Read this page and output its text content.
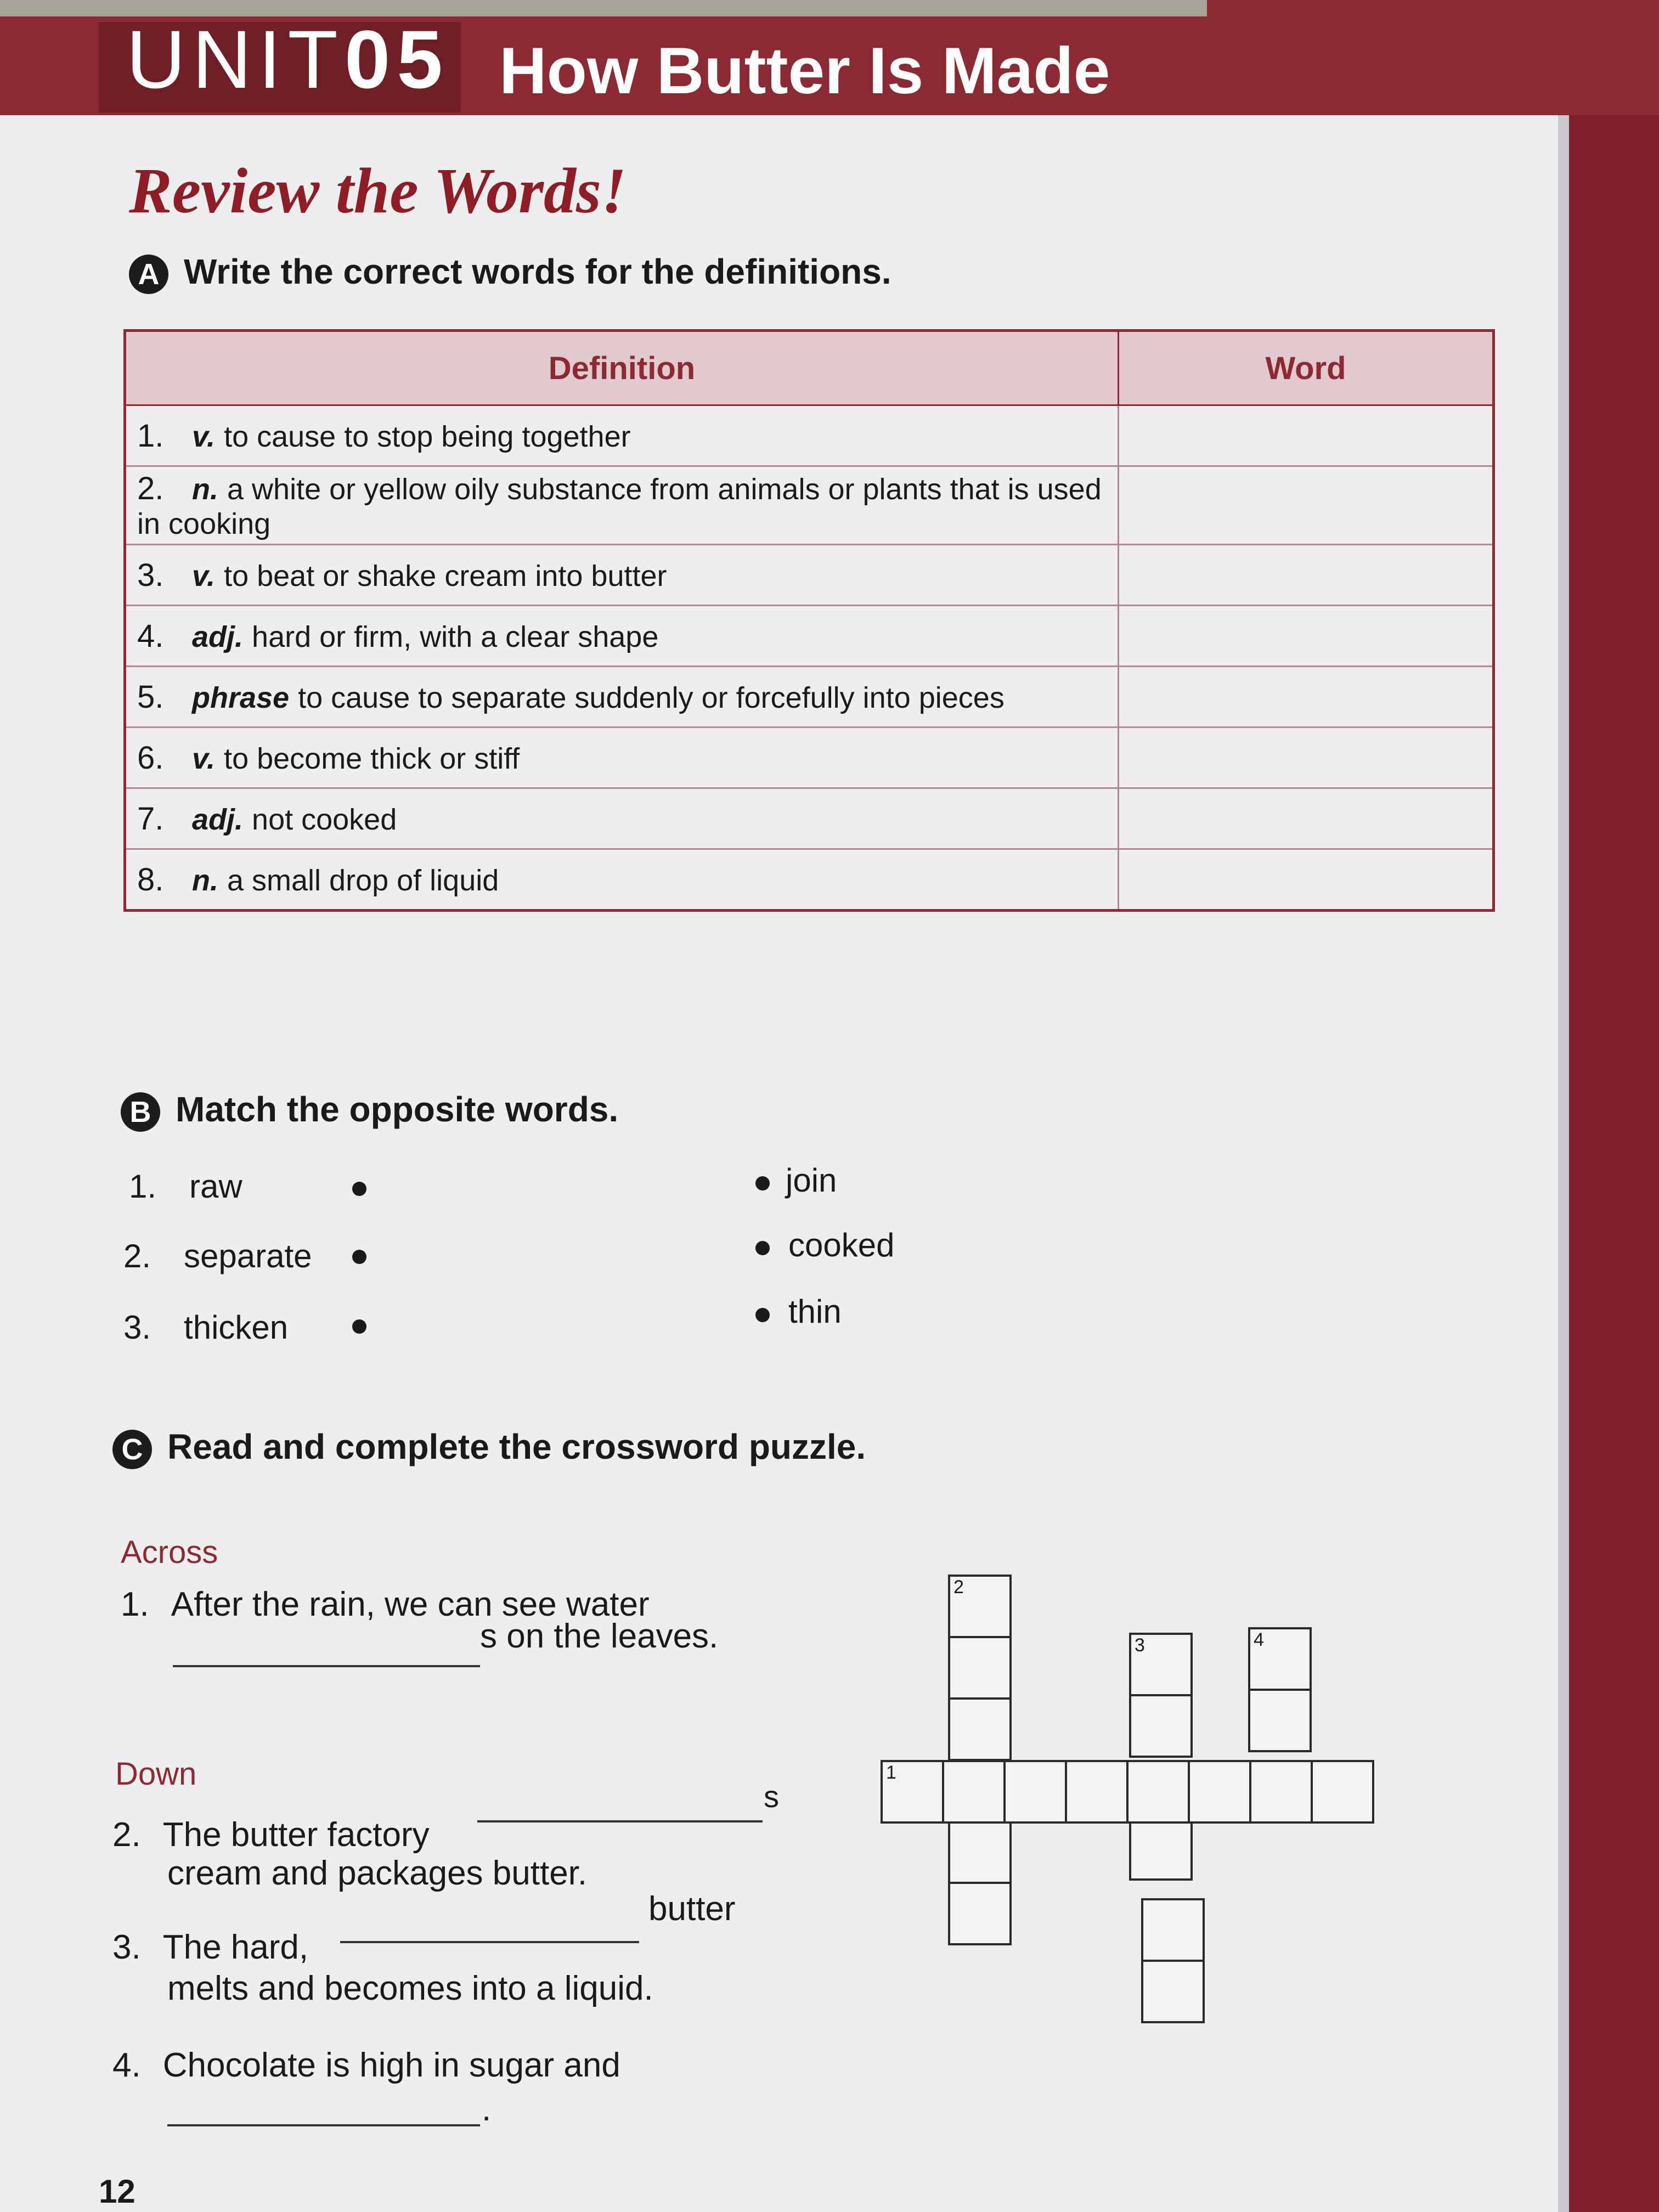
UNIT05 How Butter Is Made
Review the Words!
A Write the correct words for the definitions.
Definition	Word
1. v. to cause to stop being together	
2. n. a white or yellow oily substance from animals or plants that is used in cooking	
3. v. to beat or shake cream into butter	
4. adj. hard or firm, with a clear shape	
5. phrase to cause to separate suddenly or forcefully into pieces	
6. v. to become thick or stiff	
7. adj. not cooked	
8. n. a small drop of liquid	
B Match the opposite words.
1. raw
2. separate
3. thicken
join
cooked
thin
C Read and complete the crossword puzzle.
Across
1. After the rain, we can see water
s on the leaves.
Down
2. The butter factory
s
cream and packages butter.
butter
3. The hard,
melts and becomes into a liquid.
4. Chocolate is high in sugar and
.
2
3	4
1
12
